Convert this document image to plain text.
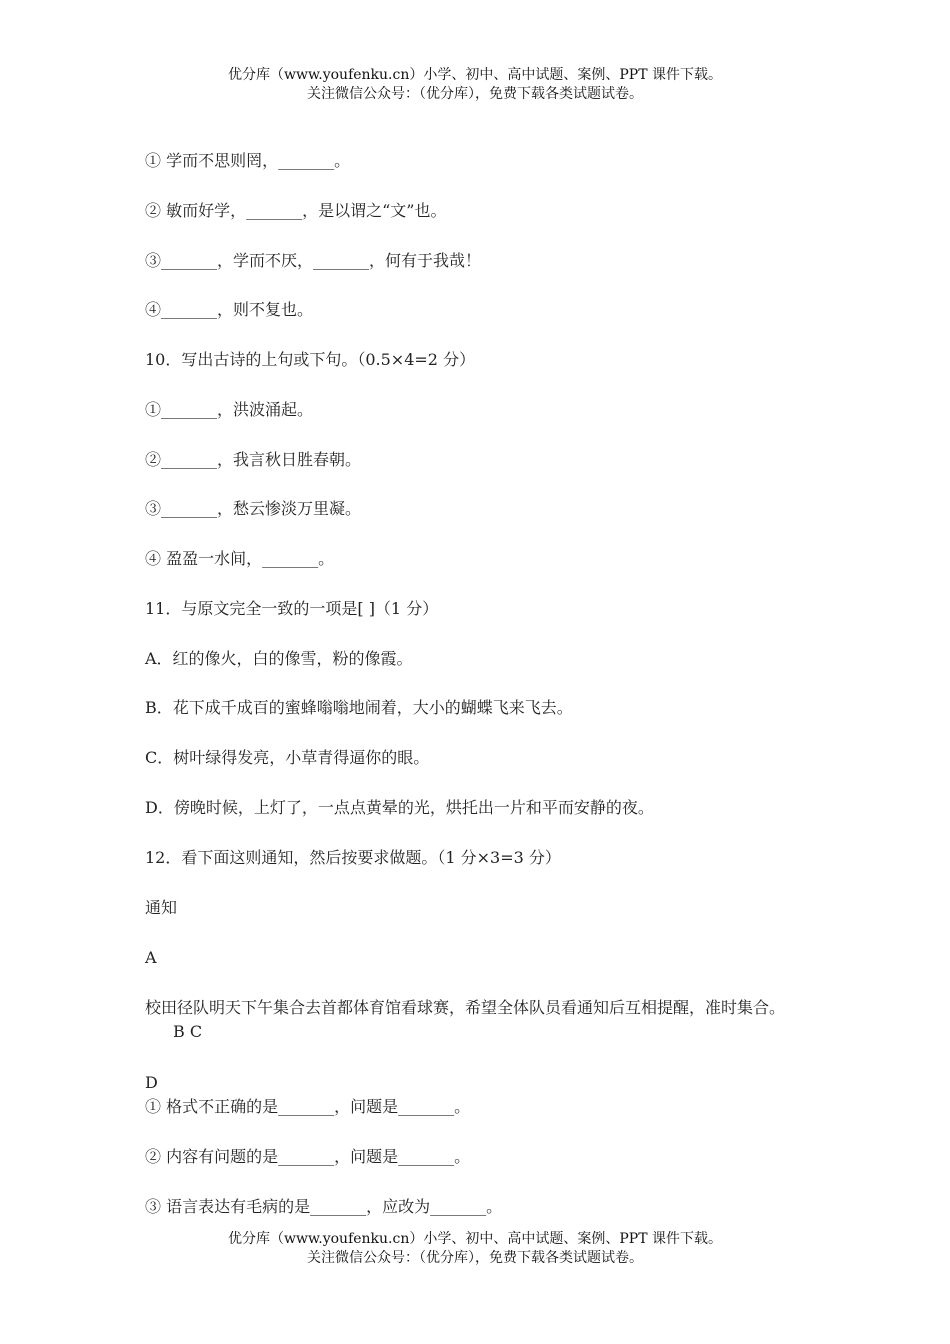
优分库（www.youfenku.cn）小学、初中、高中试题、案例、PPT 课件下载。
关注微信公众号：（优分库），免费下载各类试题试卷。
① 学而不思则罔，_______。
② 敏而好学，_______，是以谓之“文”也。
③_______，学而不厌，_______，何有于我哉！
④_______，则不复也。
10．写出古诗的上句或下句。（0.5×4=2 分）
①_______，洪波涌起。
②_______，我言秋日胜春朝。
③_______，愁云惨淡万里凝。
④ 盈盈一水间，_______。
11．与原文完全一致的一项是[ ]（1 分）
A．红的像火，白的像雪，粉的像霞。
B．花下成千成百的蜜蜂嗡嗡地闹着，大小的蝴蝶飞来飞去。
C．树叶绿得发亮，小草青得逼你的眼。
D．傍晚时候，上灯了，一点点黄晕的光，烘托出一片和平而安静的夜。
12．看下面这则通知，然后按要求做题。（1 分×3=3 分）
通知
A
校田径队明天下午集合去首都体育馆看球赛，希望全体队员看通知后互相提醒，准时集合。B C
D
① 格式不正确的是_______，问题是_______。
② 内容有问题的是_______，问题是_______。
③ 语言表达有毛病的是_______，应改为_______。
优分库（www.youfenku.cn）小学、初中、高中试题、案例、PPT 课件下载。
关注微信公众号：（优分库），免费下载各类试题试卷。
